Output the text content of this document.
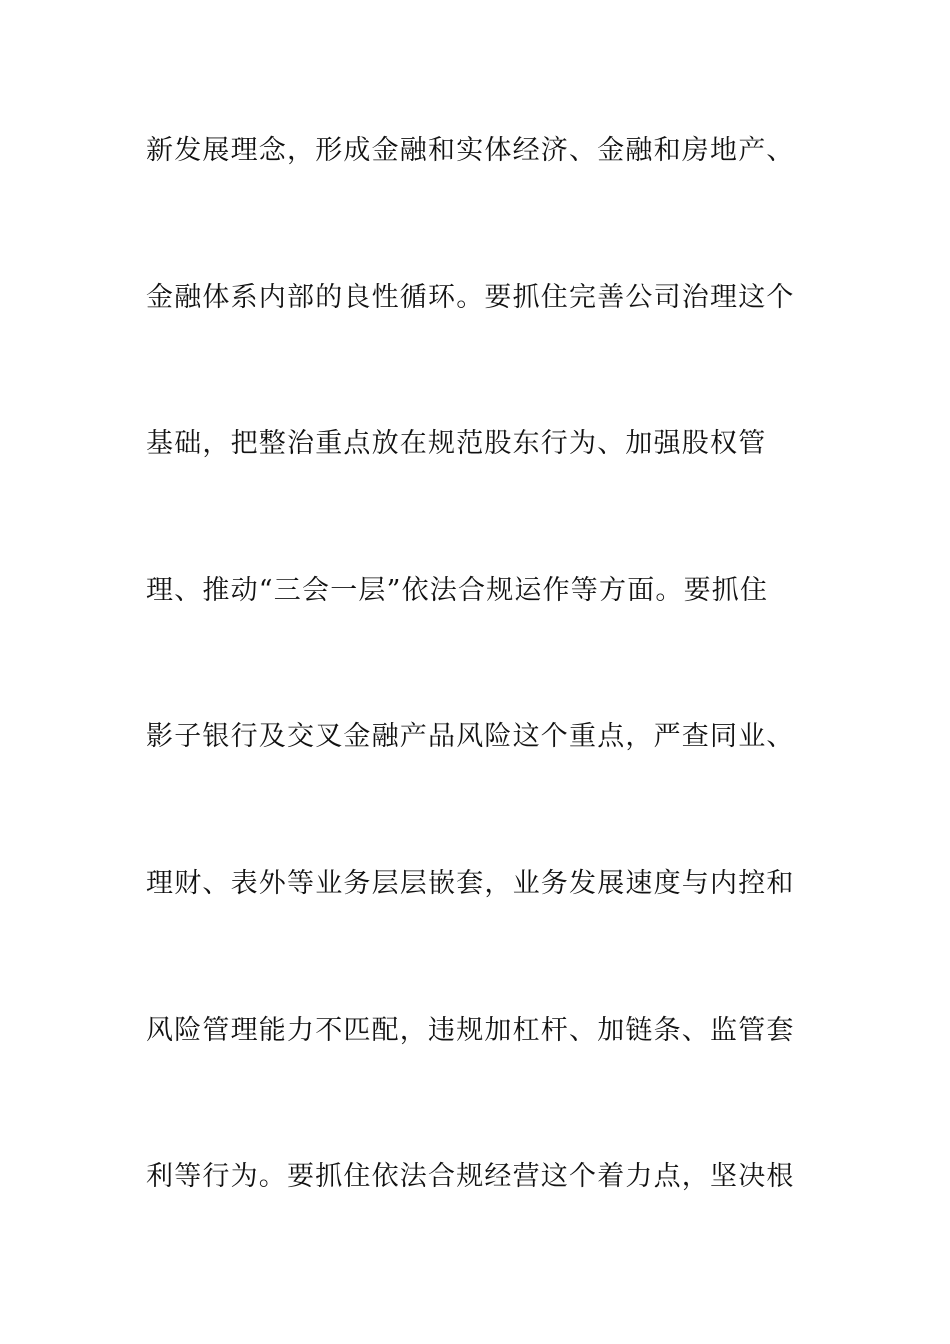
新发展理念，形成金融和实体经济、金融和房地产、
金融体系内部的良性循环。要抓住完善公司治理这个
基础，把整治重点放在规范股东行为、加强股权管
理、推动“三会一层”依法合规运作等方面。要抓住
影子银行及交叉金融产品风险这个重点，严查同业、
理财、表外等业务层层嵌套，业务发展速度与内控和
风险管理能力不匹配，违规加杠杆、加链条、监管套
利等行为。要抓住依法合规经营这个着力点，坚决根
